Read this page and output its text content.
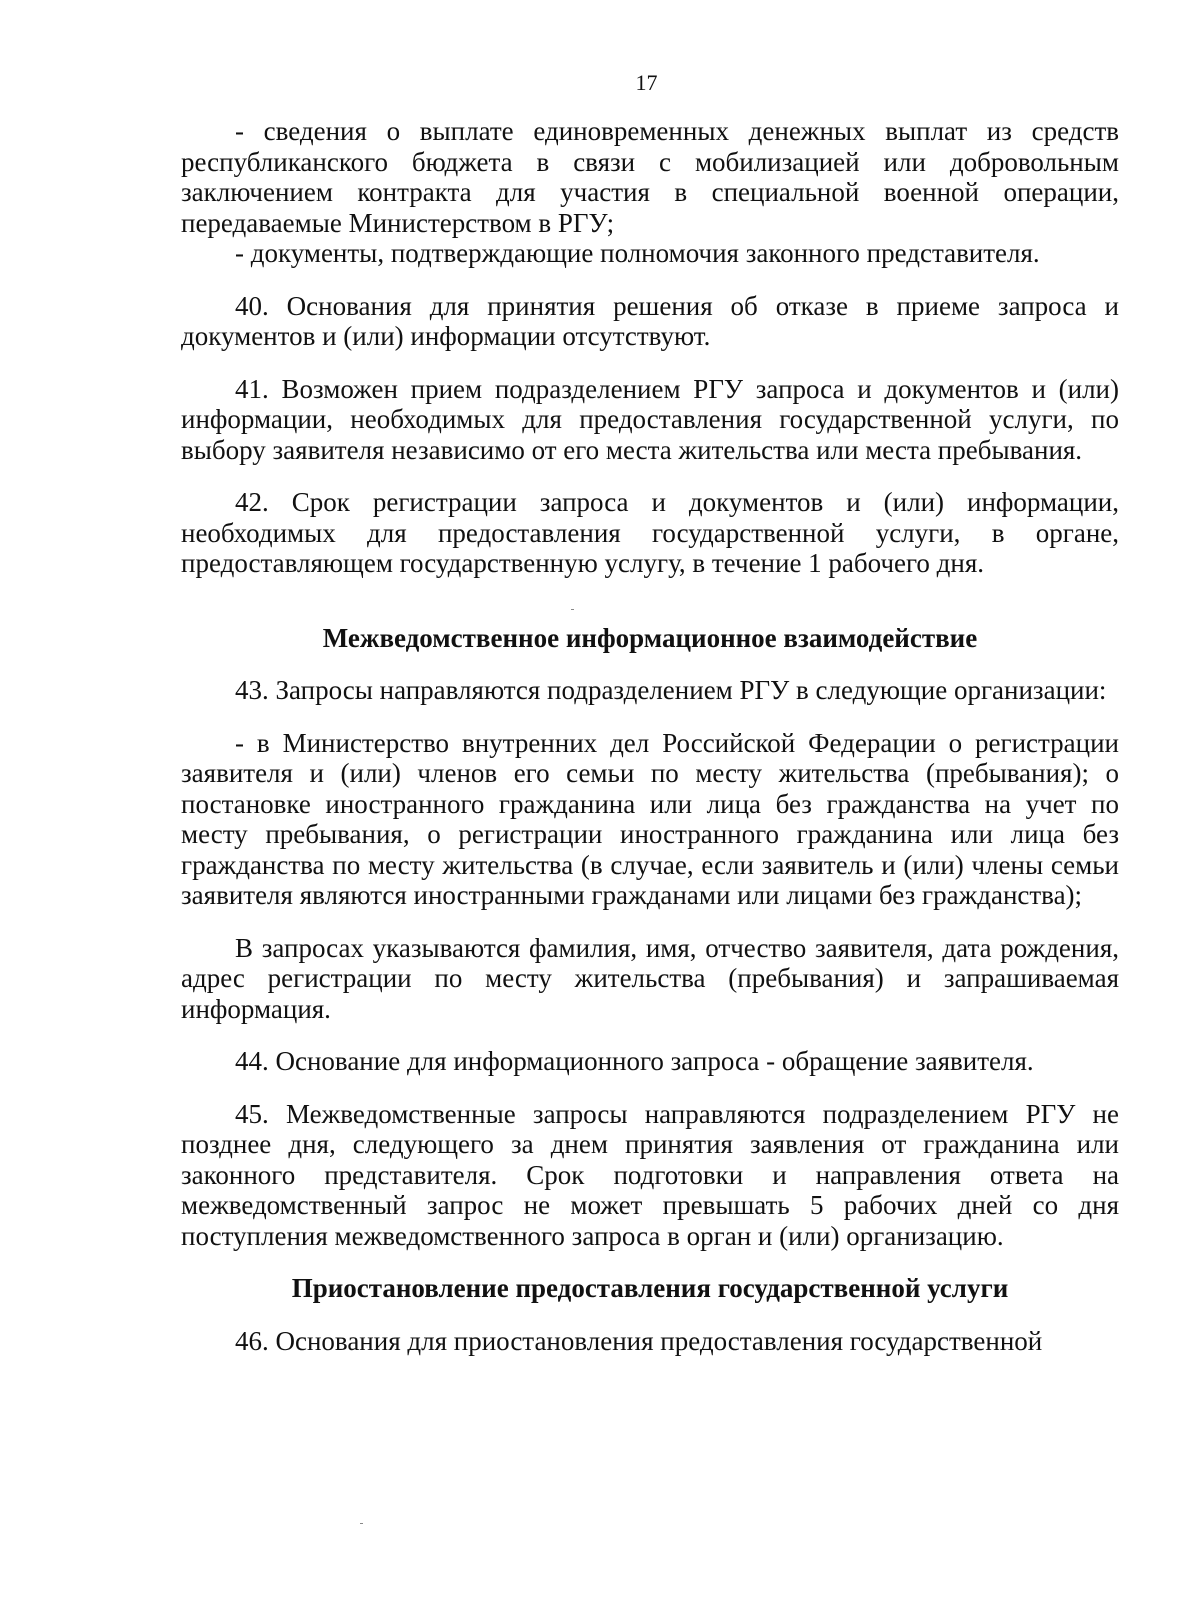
17

- сведения о выплате единовременных денежных выплат из средств республиканского бюджета в связи с мобилизацией или добровольным заключением контракта для участия в специальной военной операции, передаваемые Министерством в РГУ;

- документы, подтверждающие полномочия законного представителя.

40. Основания для принятия решения об отказе в приеме запроса и документов и (или) информации отсутствуют.

41. Возможен прием подразделением РГУ запроса и документов и (или) информации, необходимых для предоставления государственной услуги, по выбору заявителя независимо от его места жительства или места пребывания.

42. Срок регистрации запроса и документов и (или) информации, необходимых для предоставления государственной услуги, в органе, предоставляющем государственную услугу, в течение 1 рабочего дня.

Межведомственное информационное взаимодействие

43. Запросы направляются подразделением РГУ в следующие организации:

- в Министерство внутренних дел Российской Федерации о регистрации заявителя и (или) членов его семьи по месту жительства (пребывания); о постановке иностранного гражданина или лица без гражданства на учет по месту пребывания, о регистрации иностранного гражданина или лица без гражданства по месту жительства (в случае, если заявитель и (или) члены семьи заявителя являются иностранными гражданами или лицами без гражданства);

В запросах указываются фамилия, имя, отчество заявителя, дата рождения, адрес регистрации по месту жительства (пребывания) и запрашиваемая информация.

44. Основание для информационного запроса - обращение заявителя.

45. Межведомственные запросы направляются подразделением РГУ не позднее дня, следующего за днем принятия заявления от гражданина или законного представителя. Срок подготовки и направления ответа на межведомственный запрос не может превышать 5 рабочих дней со дня поступления межведомственного запроса в орган и (или) организацию.

Приостановление предоставления государственной услуги

46. Основания для приостановления предоставления государственной
